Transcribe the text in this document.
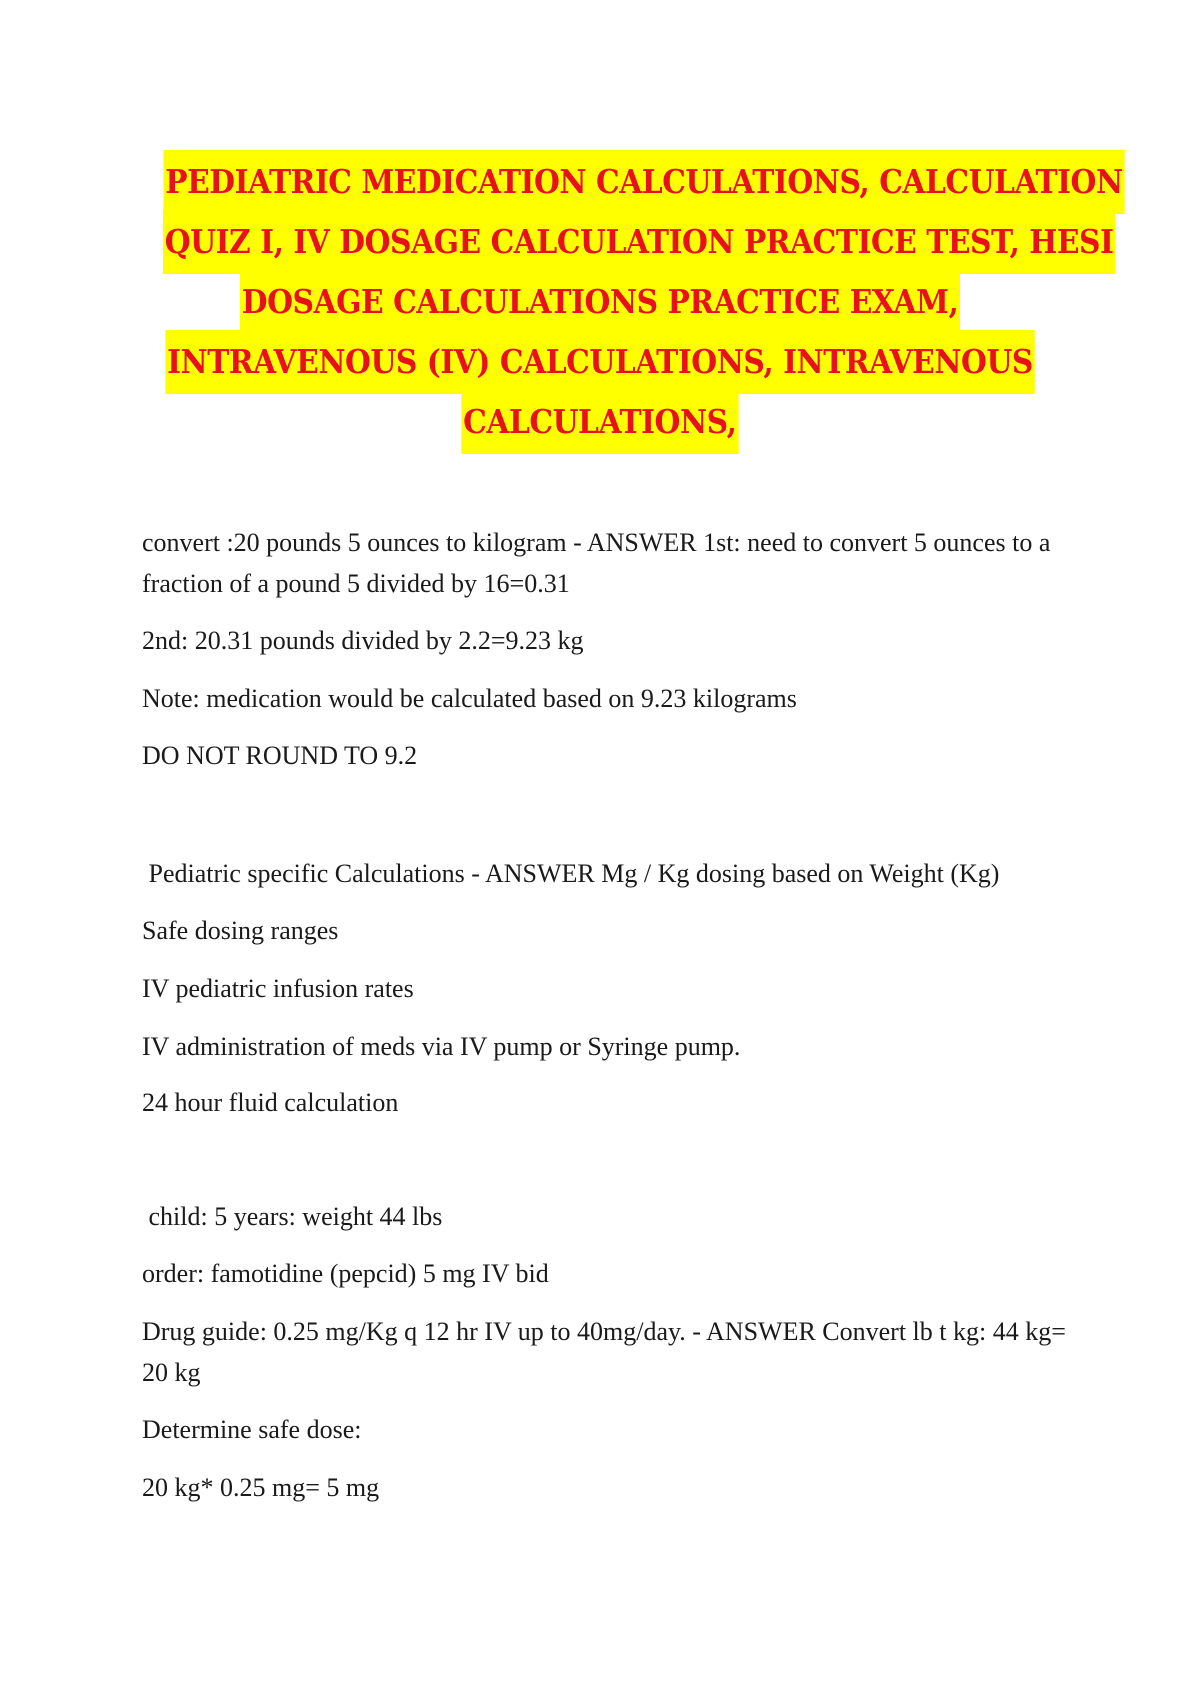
PEDIATRIC MEDICATION CALCULATIONS, CALCULATION
QUIZ I, IV DOSAGE CALCULATION PRACTICE TEST, HESI
DOSAGE CALCULATIONS PRACTICE EXAM,
INTRAVENOUS (IV) CALCULATIONS, INTRAVENOUS
CALCULATIONS,

convert :20 pounds 5 ounces to kilogram - ANSWER 1st: need to convert 5 ounces to a fraction of a pound 5 divided by 16=0.31

2nd: 20.31 pounds divided by 2.2=9.23 kg

Note: medication would be calculated based on 9.23 kilograms

DO NOT ROUND TO 9.2

Pediatric specific Calculations - ANSWER Mg / Kg dosing based on Weight (Kg)

Safe dosing ranges

IV pediatric infusion rates

IV administration of meds via IV pump or Syringe pump.

24 hour fluid calculation

child: 5 years: weight 44 lbs

order: famotidine (pepcid) 5 mg IV bid

Drug guide: 0.25 mg/Kg q 12 hr IV up to 40mg/day. - ANSWER Convert lb t kg: 44 kg= 20 kg

Determine safe dose:

20 kg* 0.25 mg= 5 mg
